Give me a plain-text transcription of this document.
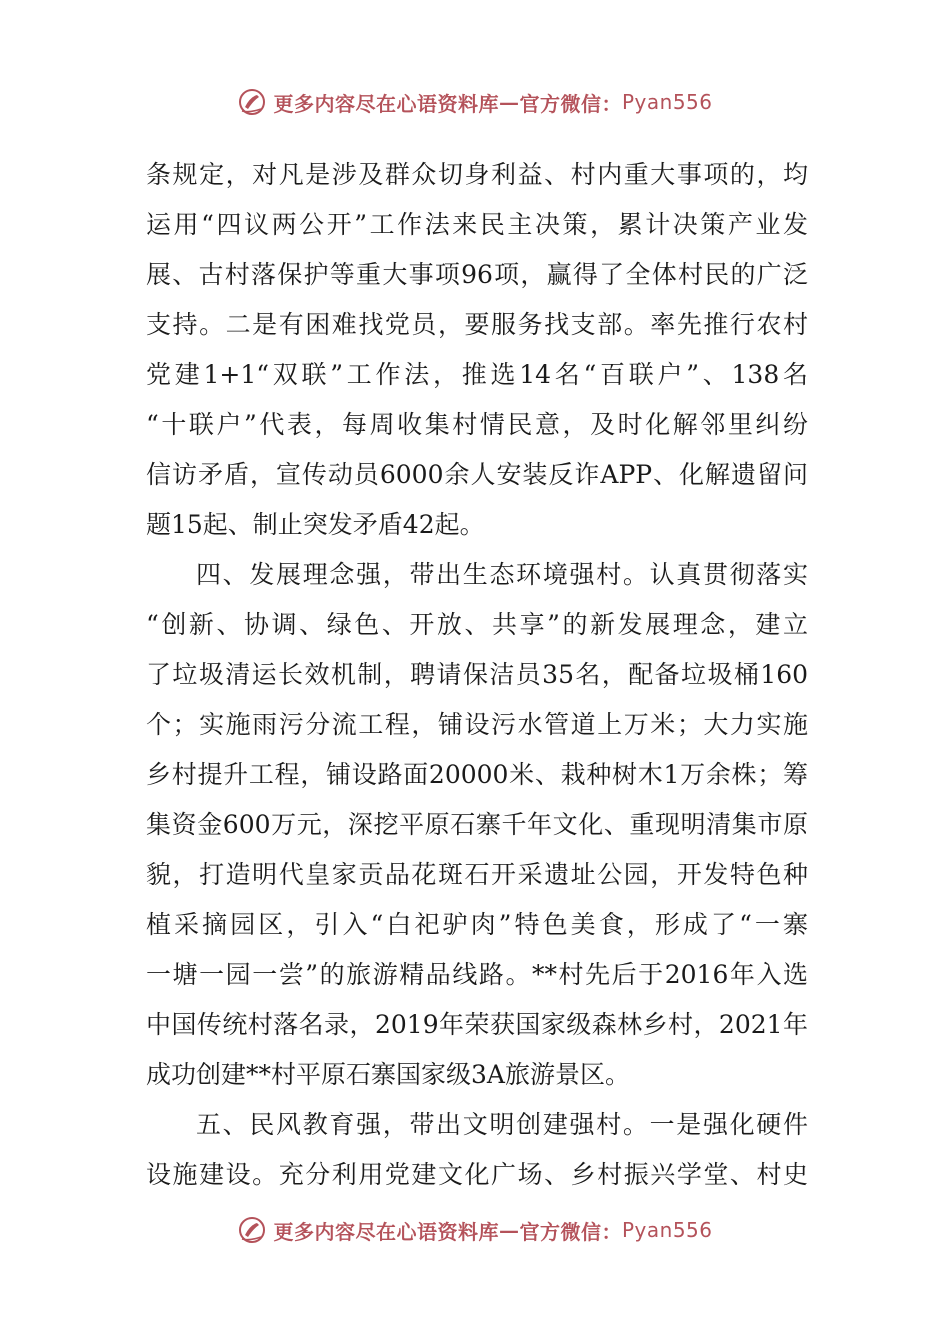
更多内容尽在心语资料库 — 官方微信： Pyan556
条规定，对凡是涉及群众切身利益、村内重大事项的，均
运用“四议两公开”工作法来民主决策，累计决策产业发
展、古村落保护等重大事项96项，赢得了全体村民的广泛
支持。二是有困难找党员，要服务找支部。率先推行农村
党建1+1“双联”工作法，推选14名“百联户”、138名
“十联户”代表，每周收集村情民意，及时化解邻里纠纷
信访矛盾，宣传动员6000余人安装反诈APP、化解遗留问
题15起、制止突发矛盾42起。
四、发展理念强，带出生态环境强村。认真贯彻落实
“创新、协调、绿色、开放、共享”的新发展理念，建立
了垃圾清运长效机制，聘请保洁员35名，配备垃圾桶160
个；实施雨污分流工程，铺设污水管道上万米；大力实施
乡村提升工程，铺设路面20000米、栽种树木1万余株；筹
集资金600万元，深挖平原石寨千年文化、重现明清集市原
貌，打造明代皇家贡品花斑石开采遗址公园，开发特色种
植采摘园区，引入“白祀驴肉”特色美食，形成了“一寨
一塘一园一尝”的旅游精品线路。**村先后于2016年入选
中国传统村落名录，2019年荣获国家级森林乡村，2021年
成功创建**村平原石寨国家级3A旅游景区。
五、民风教育强，带出文明创建强村。一是强化硬件
设施建设。充分利用党建文化广场、乡村振兴学堂、村史
更多内容尽在心语资料库 — 官方微信： Pyan556
